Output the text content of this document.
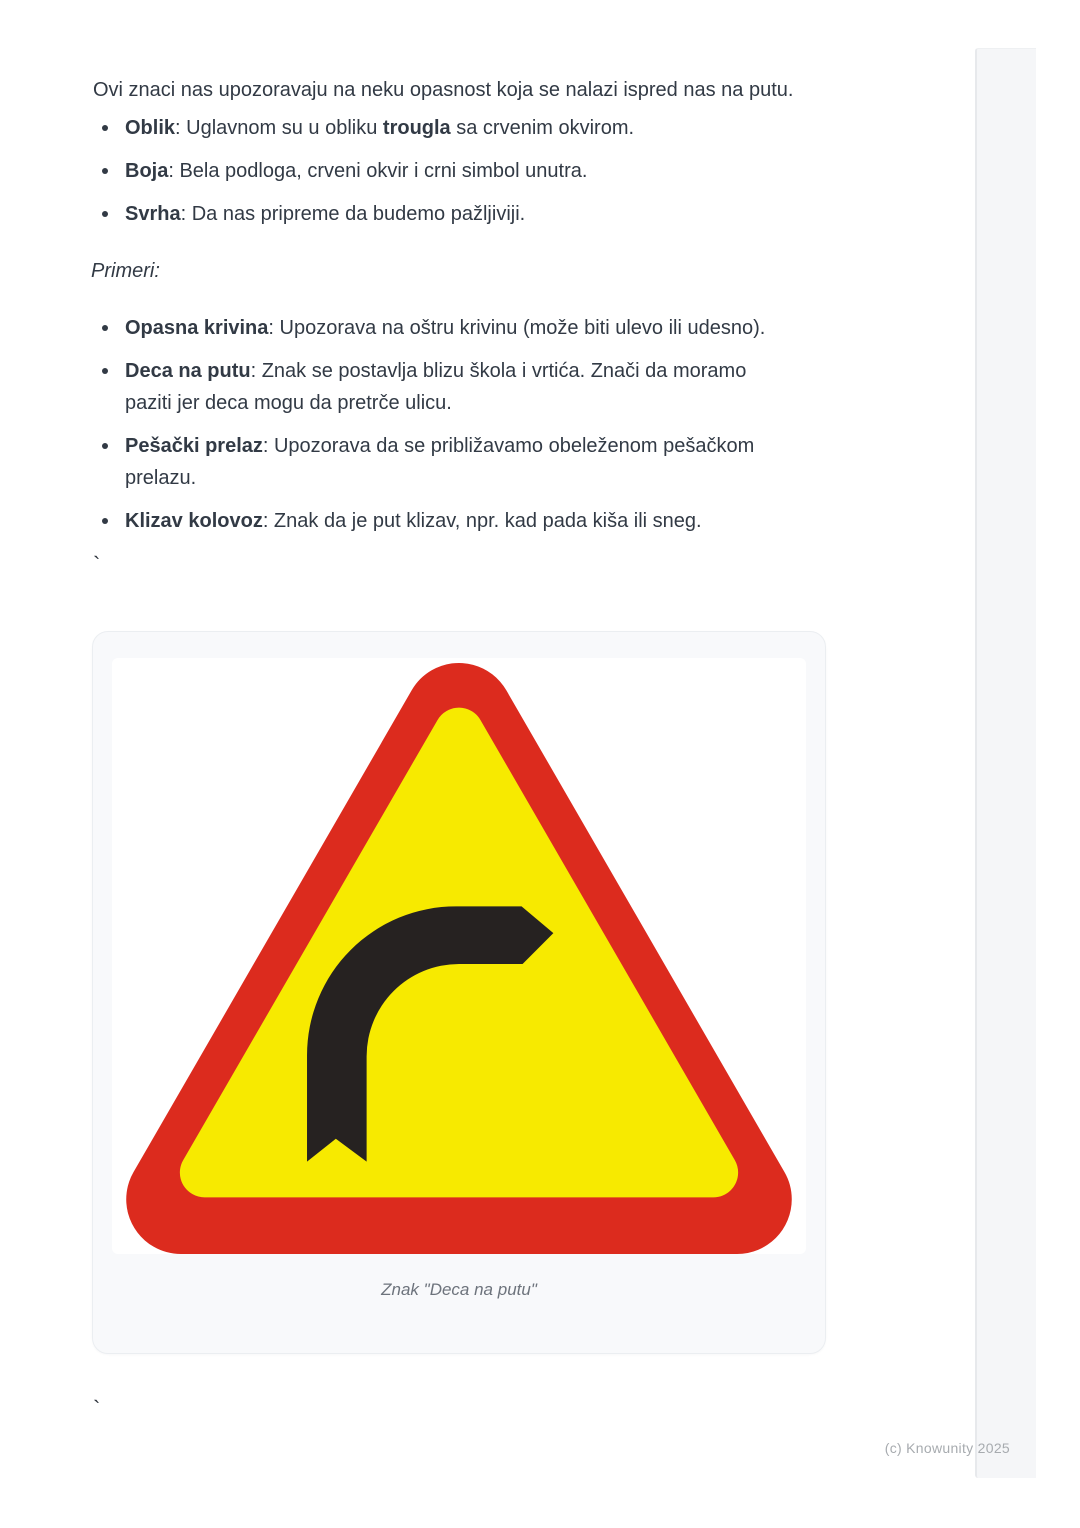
Ovi znaci nas upozoravaju na neku opasnost koja se nalazi ispred nas na putu.

Oblik: Uglavnom su u obliku trougla sa crvenim okvirom.
Boja: Bela podloga, crveni okvir i crni simbol unutra.
Svrha: Da nas pripreme da budemo pažljiviji.
Primeri:
Opasna krivina: Upozorava na oštru krivinu (može biti ulevo ili udesno).
Deca na putu: Znak se postavlja blizu škola i vrtića. Znači da moramo
paziti jer deca mogu da pretrče ulicu.
Pešački prelaz: Upozorava da se približavamo obeleženom pešačkom
prelazu.
Klizav kolovoz: Znak da je put klizav, npr. kad pada kiša ili sneg.
`
Znak "Deca na putu"
`
(c) Knowunity 2025
